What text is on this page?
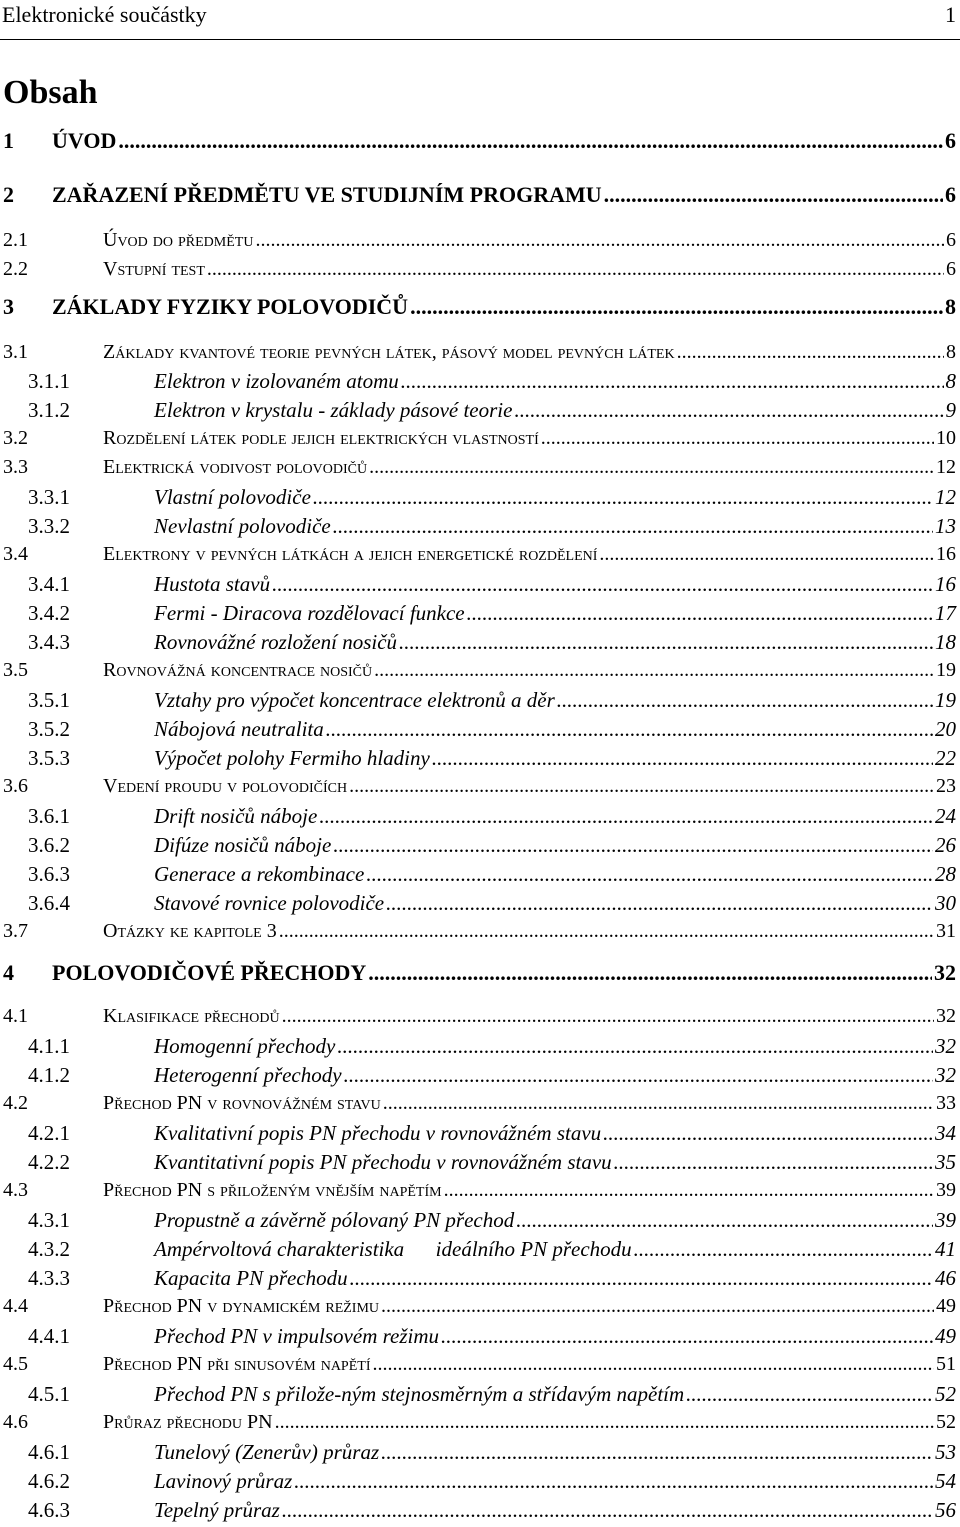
Elektronické součástky	1
Obsah
1	ÚVOD .....	6
2	ZAŘAZENÍ PŘEDMĚTU VE STUDIJNÍM PROGRAMU .....	6
2.1	Úvod do předmětu .....	6
2.2	Vstupní test .....	6
3	ZÁKLADY FYZIKY POLOVODIČŮ .....	8
3.1	Základy kvantové teorie pevných látek, pásový model pevných látek .....	8
3.1.1	Elektron v izolovaném atomu .....	8
3.1.2	Elektron v krystalu - základy pásové teorie .....	9
3.2	Rozdělení látek podle jejich elektrických vlastností .....	10
3.3	Elektrická vodivost polovodičů .....	12
3.3.1	Vlastní polovodiče .....	12
3.3.2	Nevlastní polovodiče .....	13
3.4	Elektrony v pevných látkách a jejich energetické rozdělení .....	16
3.4.1	Hustota stavů .....	16
3.4.2	Fermi - Diracova rozdělovací funkce .....	17
3.4.3	Rovnovážné rozložení nosičů .....	18
3.5	Rovnovážná koncentrace nosičů .....	19
3.5.1	Vztahy pro výpočet koncentrace elektronů a děr .....	19
3.5.2	Nábojová neutralita .....	20
3.5.3	Výpočet polohy Fermiho hladiny .....	22
3.6	Vedení proudu v polovodičích .....	23
3.6.1	Drift nosičů náboje .....	24
3.6.2	Difúze nosičů náboje .....	26
3.6.3	Generace a rekombinace .....	28
3.6.4	Stavové rovnice polovodiče .....	30
3.7	Otázky ke kapitole 3 .....	31
4	POLOVODIČOVÉ PŘECHODY .....	32
4.1	Klasifikace přechodů .....	32
4.1.1	Homogenní přechody .....	32
4.1.2	Heterogenní přechody .....	32
4.2	Přechod PN v rovnovážném stavu .....	33
4.2.1	Kvalitativní popis PN přechodu v rovnovážném stavu .....	34
4.2.2	Kvantitativní popis PN přechodu v rovnovážném stavu .....	35
4.3	Přechod PN s přiloženým vnějším napětím .....	39
4.3.1	Propustně a závěrně pólovaný PN přechod .....	39
4.3.2	Ampérvoltová charakteristika      ideálního PN přechodu .....	41
4.3.3	Kapacita PN přechodu .....	46
4.4	Přechod PN v dynamickém režimu .....	49
4.4.1	Přechod PN v impulsovém režimu .....	49
4.5	Přechod PN při sinusovém napětí .....	51
4.5.1	Přechod PN s přilože-ným stejnosměrným a střídavým napětím .....	52
4.6	Průraz přechodu PN .....	52
4.6.1	Tunelový (Zenerův) průraz .....	53
4.6.2	Lavinový průraz .....	54
4.6.3	Tepelný průraz .....	56
